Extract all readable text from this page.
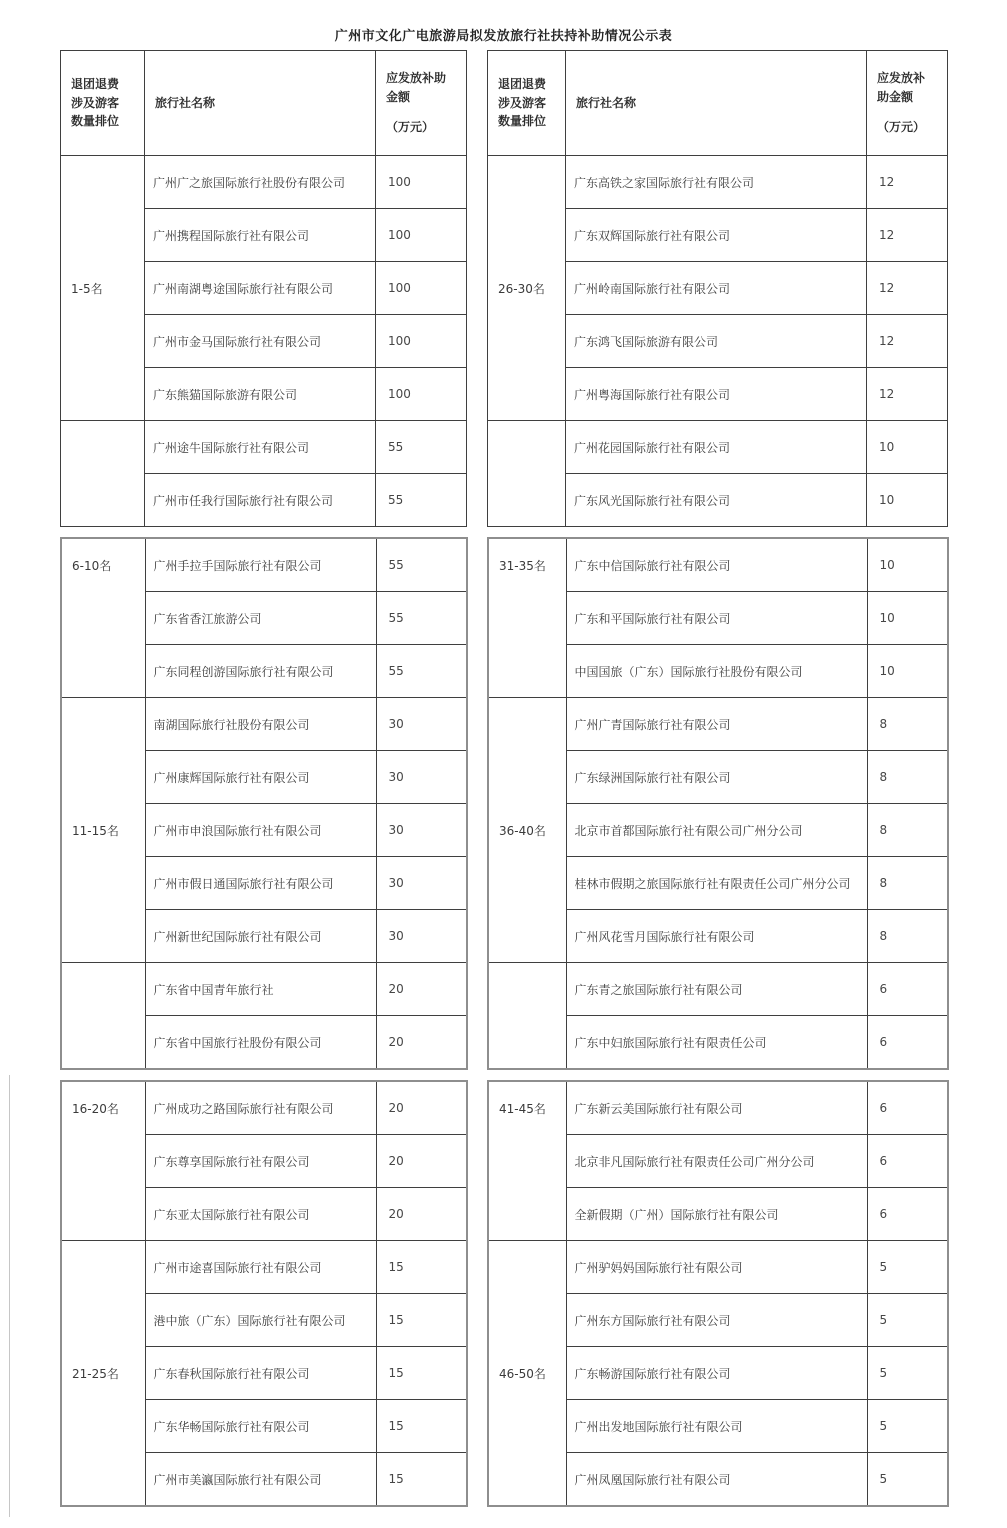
广州市文化广电旅游局拟发放旅行社扶持补助情况公示表
退团退费涉及游客数量排位	旅行社名称	应发放补助金额
（万元）

1-5名	广州广之旅国际旅行社股份有限公司	100
	广州携程国际旅行社有限公司	100
	广州南湖粤途国际旅行社有限公司	100
	广州市金马国际旅行社有限公司	100
	广东熊猫国际旅游有限公司	100
	广州途牛国际旅行社有限公司	55
	广州市任我行国际旅行社有限公司	55
6-10名	广州手拉手国际旅行社有限公司	55
	广东省香江旅游公司	55
	广东同程创游国际旅行社有限公司	55
11-15名	南湖国际旅行社股份有限公司	30
	广州康辉国际旅行社有限公司	30
	广州市申浪国际旅行社有限公司	30
	广州市假日通国际旅行社有限公司	30
	广州新世纪国际旅行社有限公司	30
	广东省中国青年旅行社	20
	广东省中国旅行社股份有限公司	20
16-20名	广州成功之路国际旅行社有限公司	20
	广东尊享国际旅行社有限公司	20
	广东亚太国际旅行社有限公司	20
21-25名	广州市途喜国际旅行社有限公司	15
	港中旅（广东）国际旅行社有限公司	15
	广东春秋国际旅行社有限公司	15
	广东华畅国际旅行社有限公司	15
	广州市美瀛国际旅行社有限公司	15
退团退费涉及游客数量排位	旅行社名称	应发放补助金额
（万元）

26-30名	广东高铁之家国际旅行社有限公司	12
	广东双辉国际旅行社有限公司	12
	广州岭南国际旅行社有限公司	12
	广东鸿飞国际旅游有限公司	12
	广州粤海国际旅行社有限公司	12
	广州花园国际旅行社有限公司	10
	广东风光国际旅行社有限公司	10
31-35名	广东中信国际旅行社有限公司	10
	广东和平国际旅行社有限公司	10
	中国国旅（广东）国际旅行社股份有限公司	10
36-40名	广州广青国际旅行社有限公司	8
	广东绿洲国际旅行社有限公司	8
	北京市首都国际旅行社有限公司广州分公司	8
	桂林市假期之旅国际旅行社有限责任公司广州分公司	8
	广州风花雪月国际旅行社有限公司	8
	广东青之旅国际旅行社有限公司	6
	广东中妇旅国际旅行社有限责任公司	6
41-45名	广东新云美国际旅行社有限公司	6
	北京非凡国际旅行社有限责任公司广州分公司	6
	全新假期（广州）国际旅行社有限公司	6
46-50名	广州驴妈妈国际旅行社有限公司	5
	广州东方国际旅行社有限公司	5
	广东畅游国际旅行社有限公司	5
	广州出发地国际旅行社有限公司	5
	广州凤凰国际旅行社有限公司	5
